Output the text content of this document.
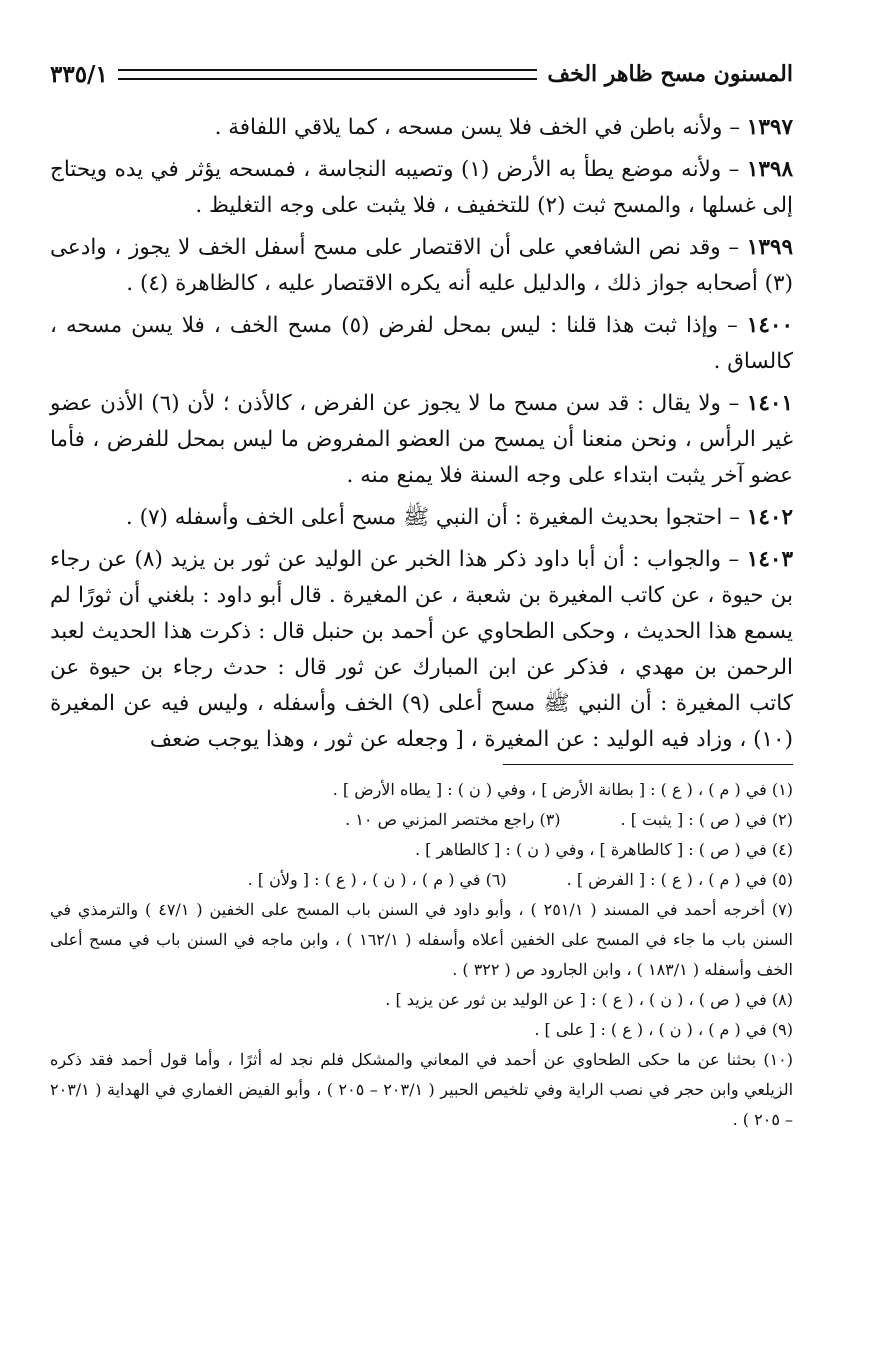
المسنون مسح ظاهر الخف
٣٣٥/١

١٣٩٧ – ولأنه باطن في الخف فلا يسن مسحه ، كما يلاقي اللفافة .

١٣٩٨ – ولأنه موضع يطأ به الأرض (١) وتصيبه النجاسة ، فمسحه يؤثر في يده ويحتاج إلى غسلها ، والمسح ثبت (٢) للتخفيف ، فلا يثبت على وجه التغليظ .

١٣٩٩ – وقد نص الشافعي على أن الاقتصار على مسح أسفل الخف لا يجوز ، وادعى (٣) أصحابه جواز ذلك ، والدليل عليه أنه يكره الاقتصار عليه ، كالظاهرة (٤) .

١٤٠٠ – وإذا ثبت هذا قلنا : ليس بمحل لفرض (٥) مسح الخف ، فلا يسن مسحه ، كالساق .

١٤٠١ – ولا يقال : قد سن مسح ما لا يجوز عن الفرض ، كالأذن ؛ لأن (٦) الأذن عضو غير الرأس ، ونحن منعنا أن يمسح من العضو المفروض ما ليس بمحل للفرض ، فأما عضو آخر يثبت ابتداء على وجه السنة فلا يمنع منه .

١٤٠٢ – احتجوا بحديث المغيرة : أن النبي ﷺ مسح أعلى الخف وأسفله (٧) .

١٤٠٣ – والجواب : أن أبا داود ذكر هذا الخبر عن الوليد عن ثور بن يزيد (٨) عن رجاء بن حيوة ، عن كاتب المغيرة بن شعبة ، عن المغيرة . قال أبو داود : بلغني أن ثورًا لم يسمع هذا الحديث ، وحكى الطحاوي عن أحمد بن حنبل قال : ذكرت هذا الحديث لعبد الرحمن بن مهدي ، فذكر عن ابن المبارك عن ثور قال : حدث رجاء بن حيوة عن كاتب المغيرة : أن النبي ﷺ مسح أعلى (٩) الخف وأسفله ، وليس فيه عن المغيرة (١٠) ، وزاد فيه الوليد : عن المغيرة ، [ وجعله عن ثور ، وهذا يوجب ضعف

(١) في ( م ) ، ( ع ) : [ بطانة الأرض ] ، وفي ( ن ) : [ يطاه الأرض ] .

(٢) في ( ص ) : [ يثبت ] .
(٣) راجع مختصر المزني ص ١٠ .

(٤) في ( ص ) : [ كالطاهرة ] ، وفي ( ن ) : [ كالطاهر ] .

(٥) في ( م ) ، ( ع ) : [ الفرض ] .
(٦) في ( م ) ، ( ن ) ، ( ع ) : [ ولأن ] .

(٧) أخرجه أحمد في المسند ( ٢٥١/١ ) ، وأبو داود في السنن باب المسح على الخفين ( ٤٧/١ ) والترمذي في السنن باب ما جاء في المسح على الخفين أعلاه وأسفله ( ١٦٢/١ ) ، وابن ماجه في السنن باب في مسح أعلى الخف وأسفله ( ١٨٣/١ ) ، وابن الجارود ص ( ٣٢٢ ) .

(٨) في ( ص ) ، ( ن ) ، ( ع ) : [ عن الوليد بن ثور عن يزيد ] .

(٩) في ( م ) ، ( ن ) ، ( ع ) : [ على ] .

(١٠) بحثنا عن ما حكى الطحاوي عن أحمد في المعاني والمشكل فلم نجد له أثرًا ، وأما قول أحمد فقد ذكره الزيلعي وابن حجر في نصب الراية وفي تلخيص الحبير ( ٢٠٣/١ – ٢٠٥ ) ، وأبو الفيض الغماري في الهداية ( ٢٠٣/١ – ٢٠٥ ) .
